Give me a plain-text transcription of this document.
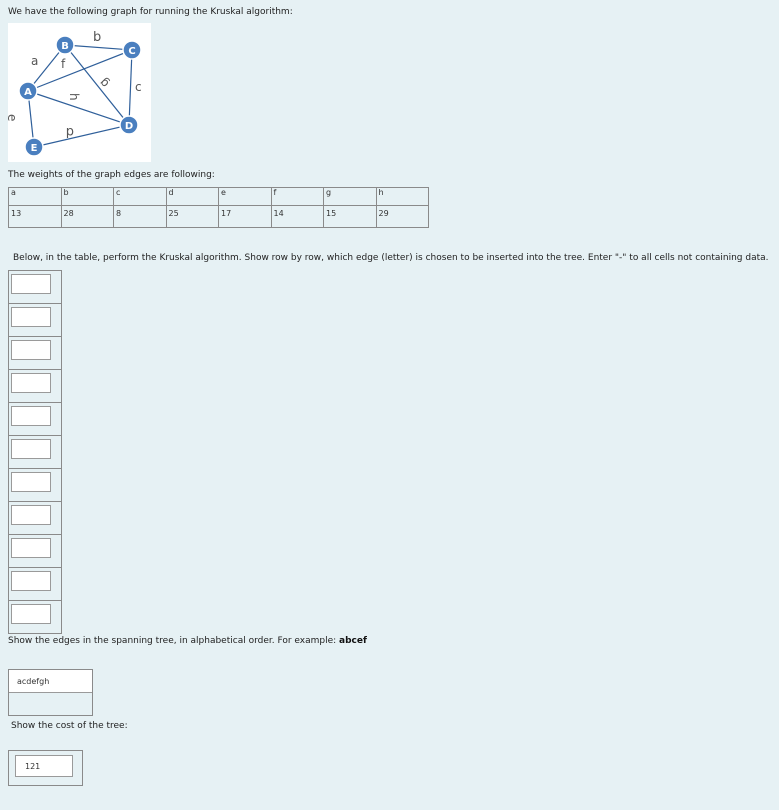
We have the following graph for running the Kruskal algorithm:
a
b
c
d
e
f
g
h
B	C
A
D
E
The weights of the graph edges are following:
a	b	c	d	e	f	g	h
13	28	8	25	17	14	15	29
Below, in the table, perform the Kruskal algorithm. Show row by row, which edge (letter) is chosen to be inserted into the tree. Enter "-" to all cells not containing data.
Show the edges in the spanning tree, in alphabetical order. For example: abcef
acdefgh
Show the cost of the tree:
121
